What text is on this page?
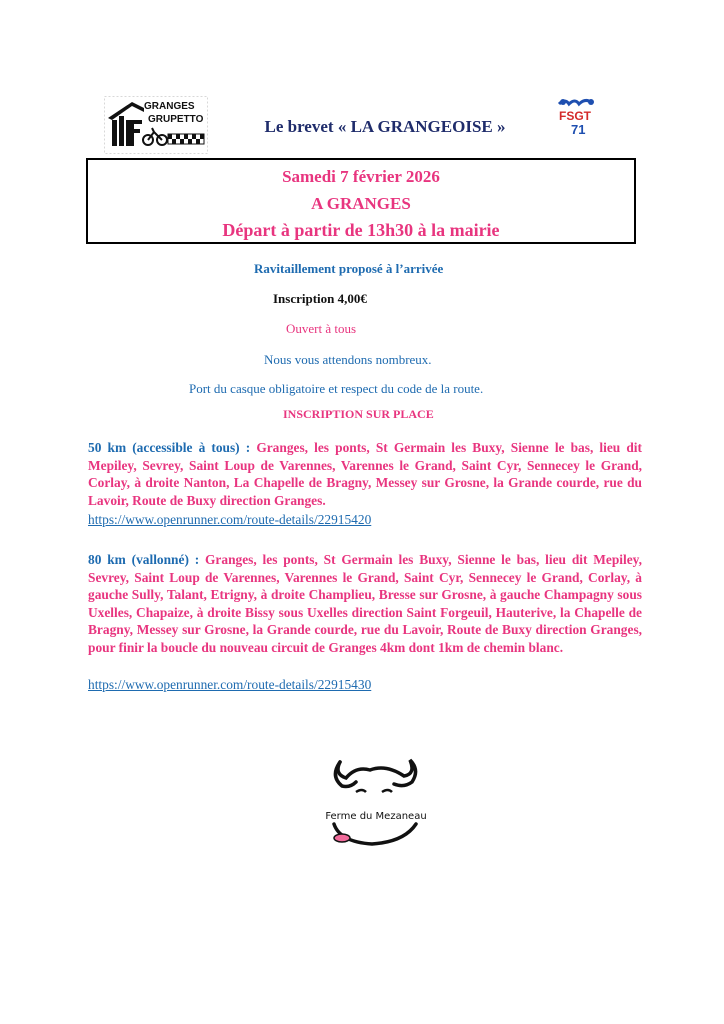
GRANGES
GRUPETTO	Le brevet « LA GRANGEOISE »
FSGT
71
Samedi 7 février 2026
A GRANGES
Départ à partir de 13h30 à la mairie
Ravitaillement proposé à l’arrivée
Inscription 4,00€
Ouvert à tous
Nous vous attendons nombreux.
Port du casque obligatoire et respect du code de la route.
INSCRIPTION SUR PLACE
50 km (accessible à tous) : Granges, les ponts, St Germain les Buxy, Sienne le bas, lieu dit Mepiley, Sevrey, Saint Loup de Varennes, Varennes le Grand, Saint Cyr, Sennecey le Grand, Corlay, à droite Nanton, La Chapelle de Bragny, Messey sur Grosne, la Grande courde, rue du Lavoir, Route de Buxy direction Granges.
https://www.openrunner.com/route-details/22915420
80 km (vallonné) : Granges, les ponts, St Germain les Buxy, Sienne le bas, lieu dit Mepiley, Sevrey, Saint Loup de Varennes, Varennes le Grand, Saint Cyr, Sennecey le Grand, Corlay, à gauche Sully, Talant, Etrigny, à droite Champlieu, Bresse sur Grosne, à gauche Champagny sous Uxelles, Chapaize, à droite Bissy sous Uxelles direction Saint Forgeuil, Hauterive, la Chapelle de Bragny, Messey sur Grosne, la Grande courde, rue du Lavoir, Route de Buxy direction Granges, pour finir la boucle du nouveau circuit de Granges 4km dont 1km de chemin blanc.
https://www.openrunner.com/route-details/22915430
Ferme du Mezaneau
